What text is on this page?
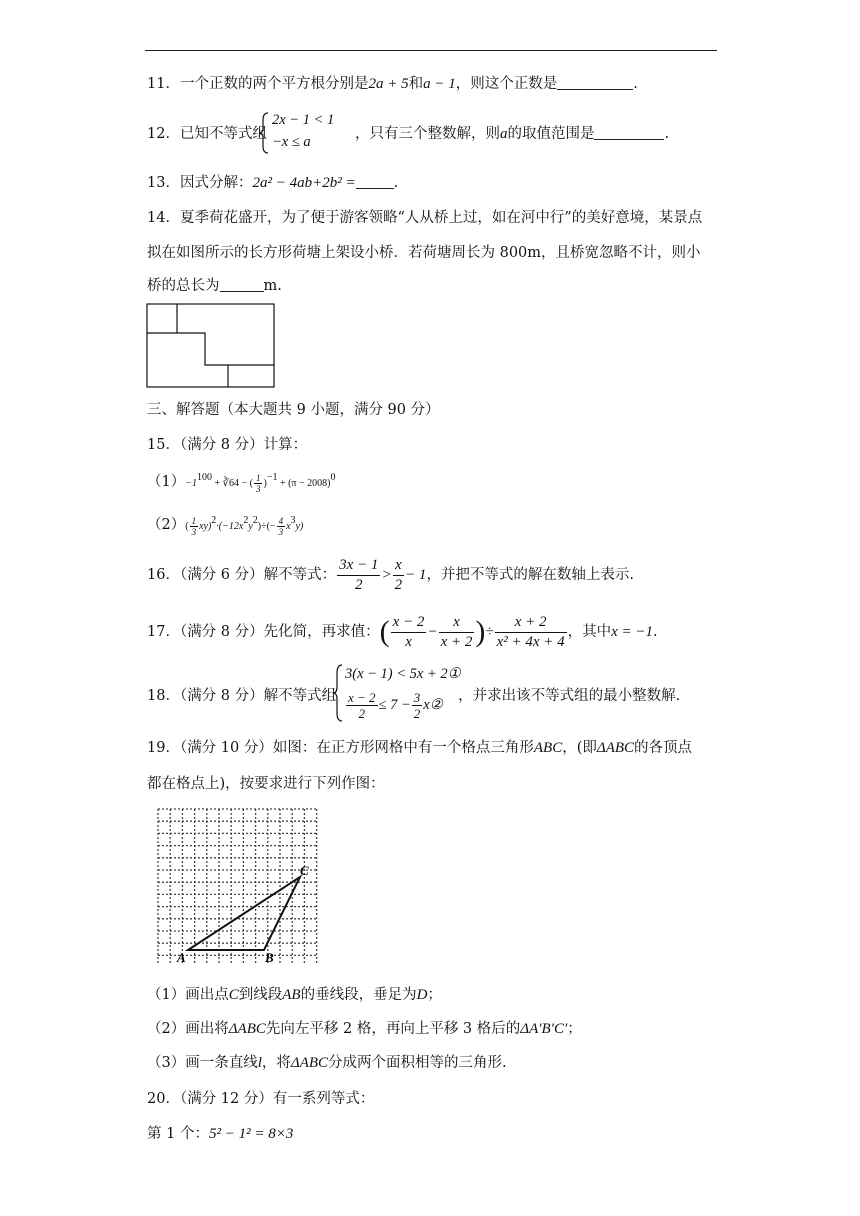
11．一个正数的两个平方根分别是2a + 5和a − 1，则这个正数是	.
12．已知不等式组	，只有三个整数解，则a的取值范围是	.
2x − 1 < 1
−x ≤ a
13．因式分解：2a² − 4ab+2b² =	.
14．夏季荷花盛开，为了便于游客领略“人从桥上过，如在河中行”的美好意境，某景点
拟在如图所示的长方形荷塘上架设小桥．若荷塘周长为 800m，且桥宽忽略不计，则小
桥的总长为	m.
三、解答题（本大题共 9 小题，满分 90 分）
15．（满分 8 分）计算：
$(1)-1^{100}$ + ∛64 − ( $\frac{1}{3} )^{-1} + (\pi - 2008)^0$
$(2)( \frac{1}{3} xy)^2\cdot(-12x^2y^2)\div(- \frac{4}{3} x^3y)$
16．（满分 6 分）解不等式： $\frac{3x - 1}{2} > \frac{x}{2} - 1$，并把不等式的解在数轴上表示.
17．（满分 8 分）先化简，再求值：( $\frac{x - 2}{x} - \frac{x}{x + 2}$ )÷ $\frac{x + 2}{\text{x² + 4x + 4}}$ ，其中x = −1.
18．（满分 8 分）解不等式组	，并求出该不等式组的最小整数解.
3(x − 1) < 5x + 2①
$\frac{x - 2}{2} \le 7 - \frac{3}{2}$ x②
19．（满分 10 分）如图：在正方形网格中有一个格点三角形ABC，(即ΔABC的各顶点
都在格点上)，按要求进行下列作图：
A	B
C
（1）画出点C到线段AB的垂线段，垂足为D；
（2）画出将ΔABC先向左平移 2 格，再向上平移 3 格后的ΔA′B′C′；
（3）画一条直线l，将ΔABC分成两个面积相等的三角形.
20．（满分 12 分）有一系列等式：
第 1 个：5² − 1² = 8×3
